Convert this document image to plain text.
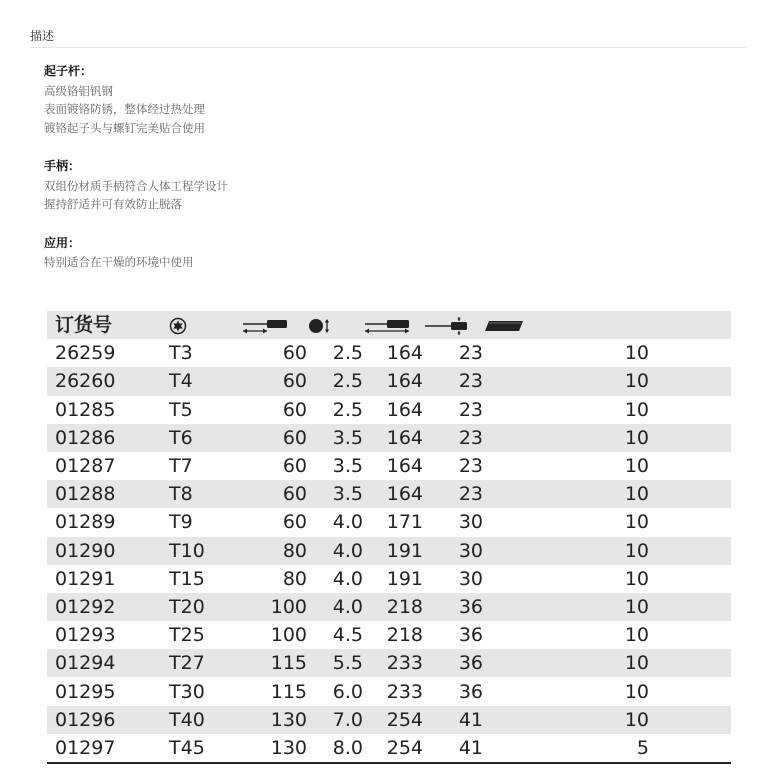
描述
起子杆：
高级铬钼钒钢
表面镀铬防锈，整体经过热处理
镀铬起子头与螺钉完美贴合使用
手柄：
双组份材质手柄符合人体工程学设计
握持舒适并可有效防止脱落
应用：
特别适合在干燥的环境中使用
订货号						
26259	T3	60	2.5	164	23	10
26260	T4	60	2.5	164	23	10
01285	T5	60	2.5	164	23	10
01286	T6	60	3.5	164	23	10
01287	T7	60	3.5	164	23	10
01288	T8	60	3.5	164	23	10
01289	T9	60	4.0	171	30	10
01290	T10	80	4.0	191	30	10
01291	T15	80	4.0	191	30	10
01292	T20	100	4.0	218	36	10
01293	T25	100	4.5	218	36	10
01294	T27	115	5.5	233	36	10
01295	T30	115	6.0	233	36	10
01296	T40	130	7.0	254	41	10
01297	T45	130	8.0	254	41	5
